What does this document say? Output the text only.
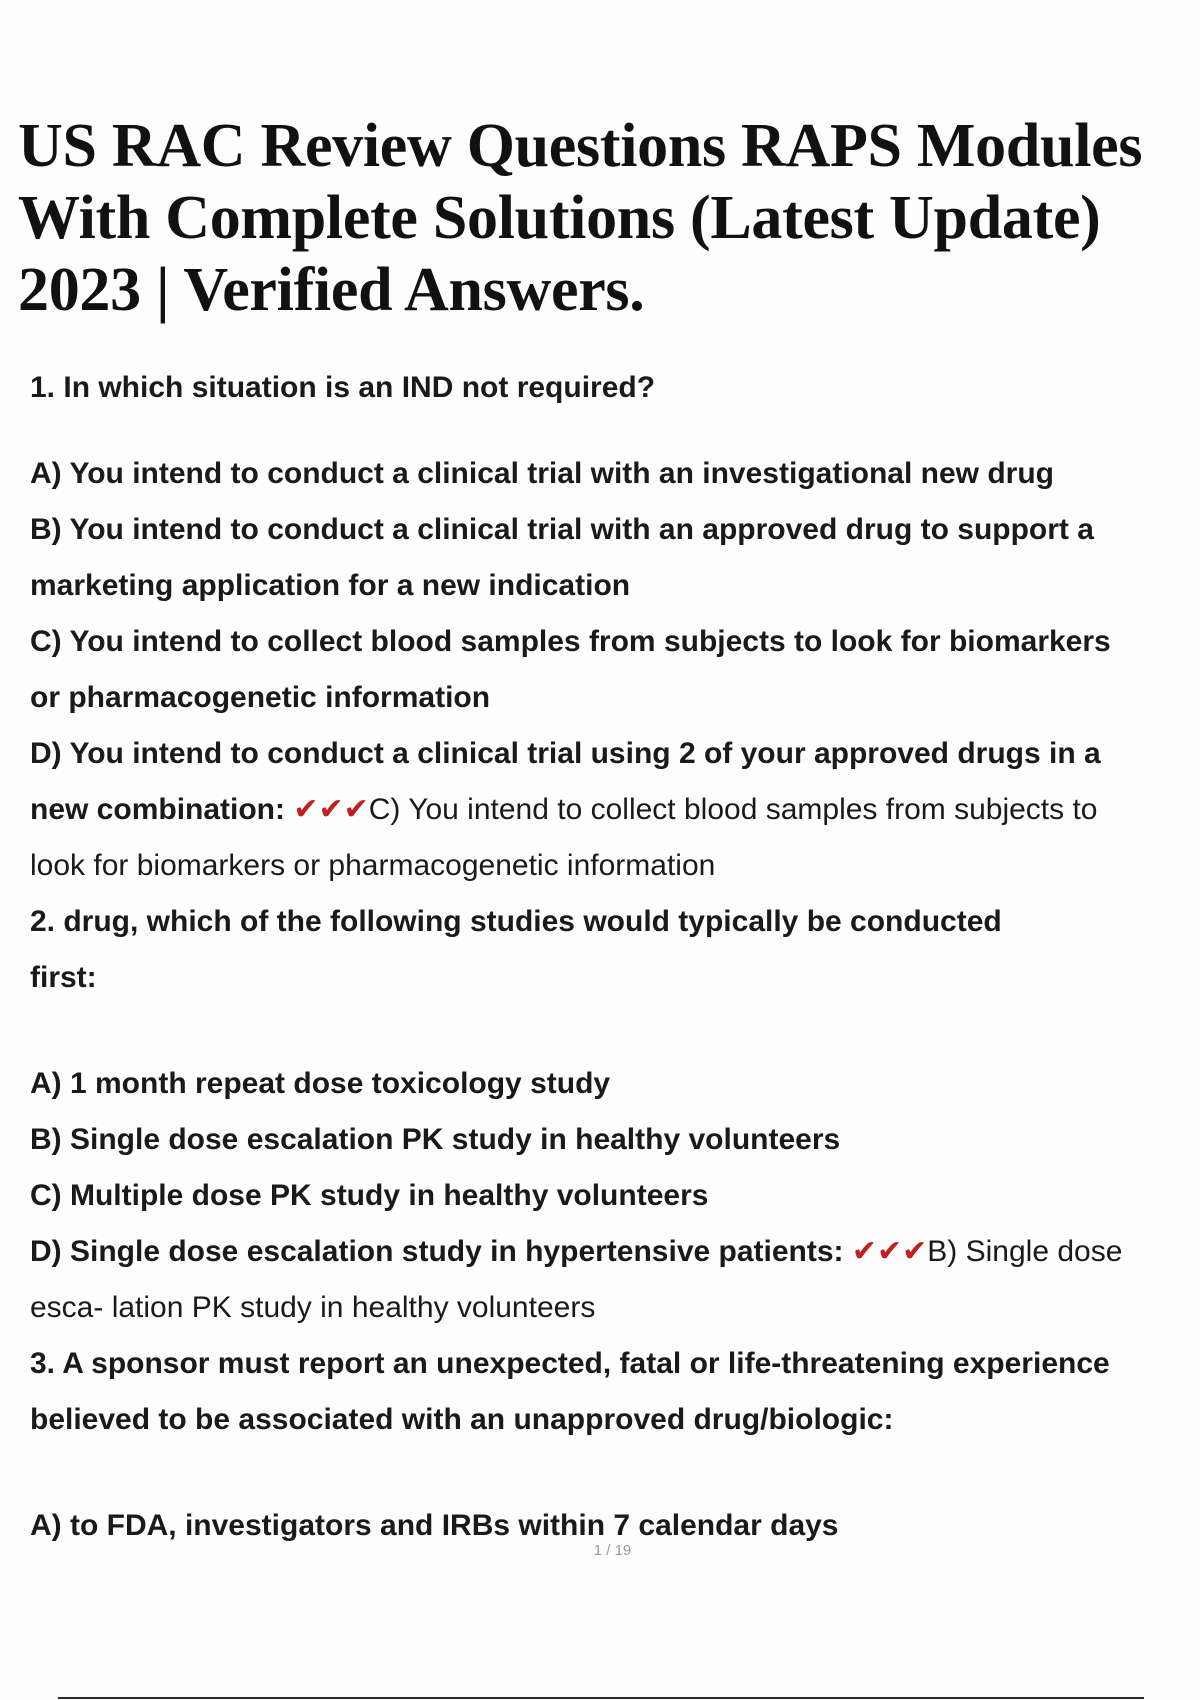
US RAC Review Questions RAPS Modules
With Complete Solutions (Latest Update)
2023 | Verified Answers.

1. In which situation is an IND not required?

A) You intend to conduct a clinical trial with an investigational new drug

B) You intend to conduct a clinical trial with an approved drug to support a

marketing application for a new indication

C) You intend to collect blood samples from subjects to look for biomarkers

or pharmacogenetic information

D) You intend to conduct a clinical trial using 2 of your approved drugs in a

new combination: ✔✔✔C) You intend to collect blood samples from subjects to

look for biomarkers or pharmacogenetic information

2. drug, which of the following studies would typically be conducted

first:

A) 1 month repeat dose toxicology study

B) Single dose escalation PK study in healthy volunteers

C) Multiple dose PK study in healthy volunteers

D) Single dose escalation study in hypertensive patients: ✔✔✔B) Single dose

esca- lation PK study in healthy volunteers

3. A sponsor must report an unexpected, fatal or life-threatening experience

believed to be associated with an unapproved drug/biologic:

A) to FDA, investigators and IRBs within 7 calendar days

1 / 19
